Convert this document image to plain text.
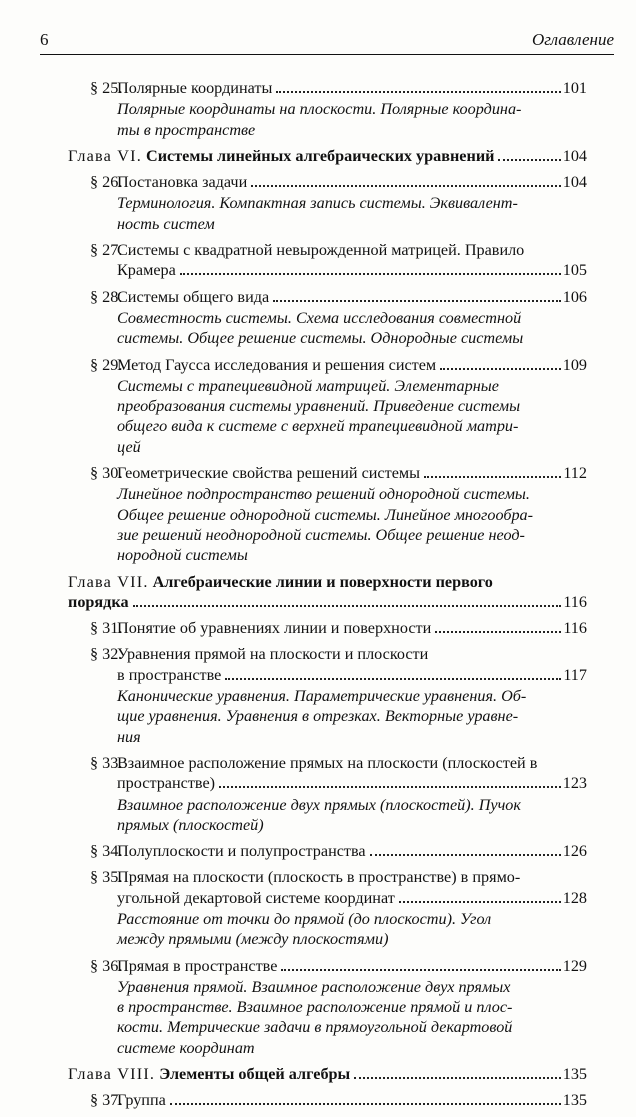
6	Оглавление
§ 25.
Полярные координаты	101
Полярные координаты на плоскости. Полярные координа-
ты в пространстве
Глава VI. Системы линейных алгебраических уравнений	104
§ 26.
Постановка задачи	104
Терминология. Компактная запись системы. Эквивалент-
ность систем
§ 27.
Системы с квадратной невырожденной матрицей. Правило
Крамера	105
§ 28.
Системы общего вида	106
Совместность системы. Схема исследования совместной
системы. Общее решение системы. Однородные системы
§ 29.
Метод Гаусса исследования и решения систем	109
Системы с трапециевидной матрицей. Элементарные
преобразования системы уравнений. Приведение системы
общего вида к системе с верхней трапециевидной матри-
цей
§ 30.
Геометрические свойства решений системы	112
Линейное подпространство решений однородной системы.
Общее решение однородной системы. Линейное многообра-
зие решений неоднородной системы. Общее решение неод-
нородной системы
Глава VII. Алгебраические линии и поверхности первого
порядка	116
§ 31.
Понятие об уравнениях линии и поверхности	116
§ 32.
Уравнения прямой на плоскости и плоскости
в пространстве	117
Канонические уравнения. Параметрические уравнения. Об-
щие уравнения. Уравнения в отрезках. Векторные уравне-
ния
§ 33.
Взаимное расположение прямых на плоскости (плоскостей в
пространстве)	123
Взаимное расположение двух прямых (плоскостей). Пучок
прямых (плоскостей)
§ 34.
Полуплоскости и полупространства	126
§ 35.
Прямая на плоскости (плоскость в пространстве) в прямо-
угольной декартовой системе координат	128
Расстояние от точки до прямой (до плоскости). Угол
между прямыми (между плоскостями)
§ 36.
Прямая в пространстве	129
Уравнения прямой. Взаимное расположение двух прямых
в пространстве. Взаимное расположение прямой и плос-
кости. Метрические задачи в прямоугольной декартовой
системе координат
Глава VIII. Элементы общей алгебры	135
§ 37.
Группа	135
